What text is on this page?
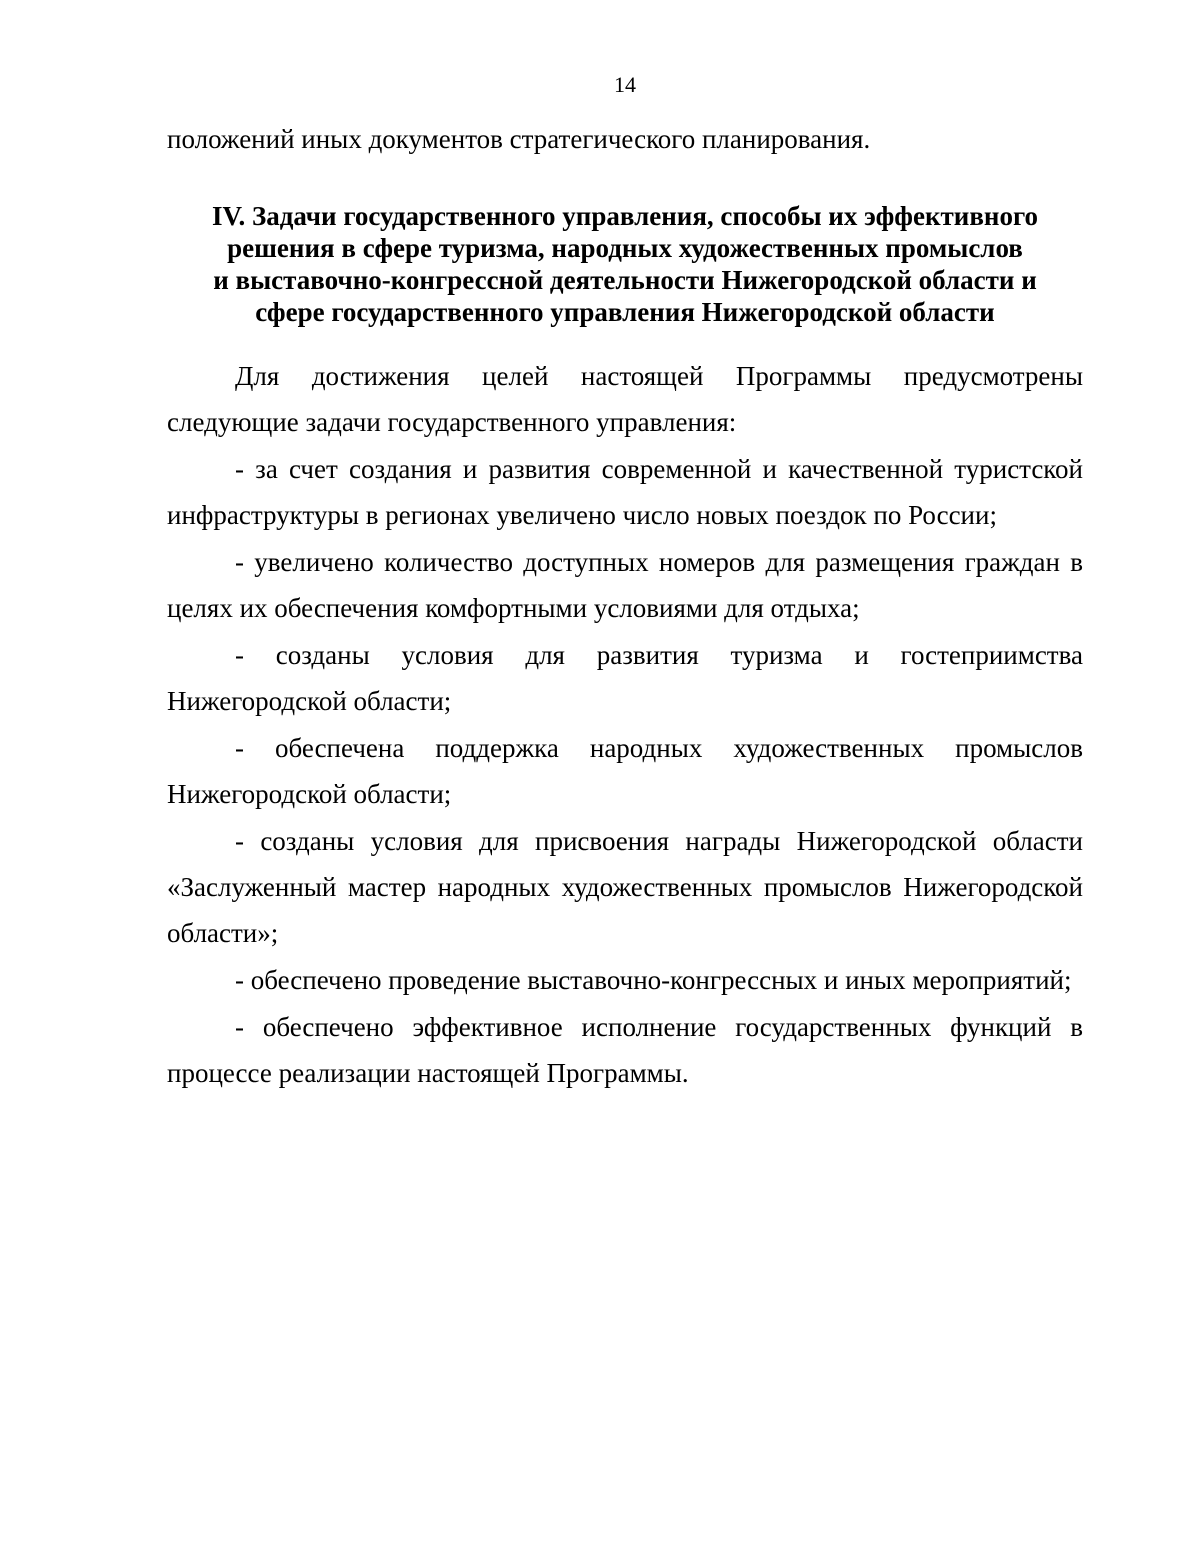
14

положений иных документов стратегического планирования.

IV. Задачи государственного управления, способы их эффективного
решения в сфере туризма, народных художественных промыслов
и выставочно-конгрессной деятельности Нижегородской области и
сфере государственного управления Нижегородской области

Для достижения целей настоящей Программы предусмотрены следующие задачи государственного управления:

- за счет создания и развития современной и качественной туристской инфраструктуры в регионах увеличено число новых поездок по России;

- увеличено количество доступных номеров для размещения граждан в целях их обеспечения комфортными условиями для отдыха;

- созданы условия для развития туризма и гостеприимства Нижегородской области;

- обеспечена поддержка народных художественных промыслов Нижегородской области;

- созданы условия для присвоения награды Нижегородской области «Заслуженный мастер народных художественных промыслов Нижегородской области»;

- обеспечено проведение выставочно-конгрессных и иных мероприятий;

- обеспечено эффективное исполнение государственных функций в процессе реализации настоящей Программы.
